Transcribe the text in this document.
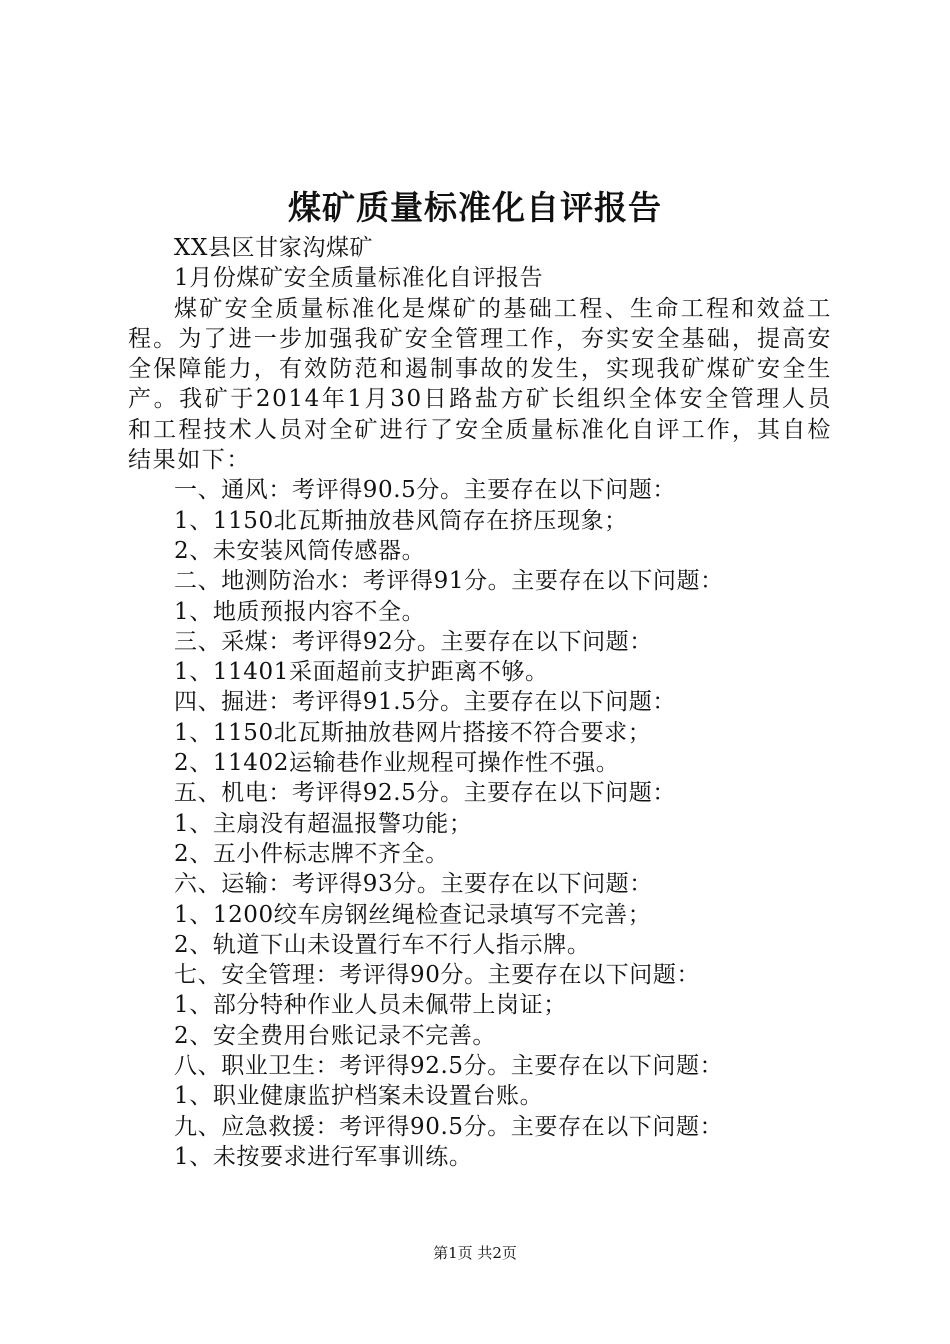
煤矿质量标准化自评报告

XX县区甘家沟煤矿

1月份煤矿安全质量标准化自评报告

煤矿安全质量标准化是煤矿的基础工程、生命工程和效益工程。为了进一步加强我矿安全管理工作，夯实安全基础，提高安全保障能力，有效防范和遏制事故的发生，实现我矿煤矿安全生产。我矿于2014年1月30日路盐方矿长组织全体安全管理人员和工程技术人员对全矿进行了安全质量标准化自评工作，其自检结果如下：

一、通风：考评得90.5分。主要存在以下问题：

1、1150北瓦斯抽放巷风筒存在挤压现象；

2、未安装风筒传感器。

二、地测防治水：考评得91分。主要存在以下问题：

1、地质预报内容不全。

三、采煤：考评得92分。主要存在以下问题：

1、11401采面超前支护距离不够。

四、掘进：考评得91.5分。主要存在以下问题：

1、1150北瓦斯抽放巷网片搭接不符合要求；

2、11402运输巷作业规程可操作性不强。

五、机电：考评得92.5分。主要存在以下问题：

1、主扇没有超温报警功能；

2、五小件标志牌不齐全。

六、运输：考评得93分。主要存在以下问题：

1、1200绞车房钢丝绳检查记录填写不完善；

2、轨道下山未设置行车不行人指示牌。

七、安全管理：考评得90分。主要存在以下问题：

1、部分特种作业人员未佩带上岗证；

2、安全费用台账记录不完善。

八、职业卫生：考评得92.5分。主要存在以下问题：

1、职业健康监护档案未设置台账。

九、应急救援：考评得90.5分。主要存在以下问题：

1、未按要求进行军事训练。

第1页 共2页
